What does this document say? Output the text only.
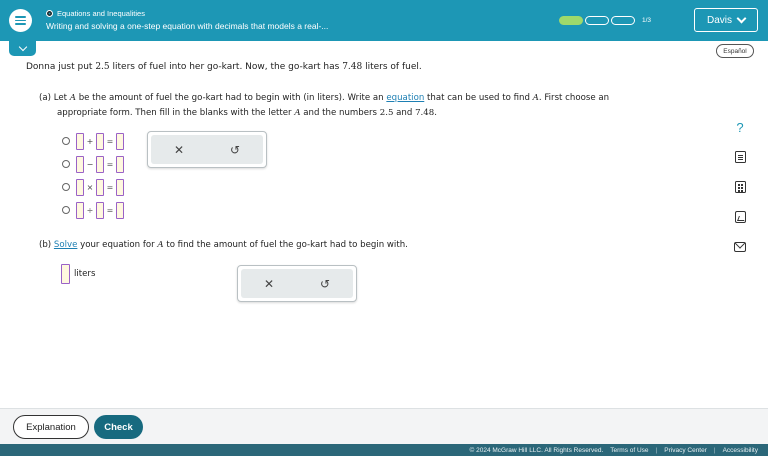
Equations and Inequalities
Writing and solving a one-step equation with decimals that models a real-...
1/3	Davis
Español
Donna just put 2.5 liters of fuel into her go-kart. Now, the go-kart has 7.48 liters of fuel.
(a) Let A be the amount of fuel the go-kart had to begin with (in liters). Write an equation that can be used to find A. First choose an
appropriate form. Then fill in the blanks with the letter A and the numbers 2.5 and 7.48.
+	=
−	=
×	=
÷	=
✕	↺
(b) Solve your equation for A to find the amount of fuel the go-kart had to begin with.
liters
✕	↺
?
Explanation	Check
© 2024 McGraw Hill LLC. All Rights Reserved. Terms of Use | Privacy Center | Accessibility
